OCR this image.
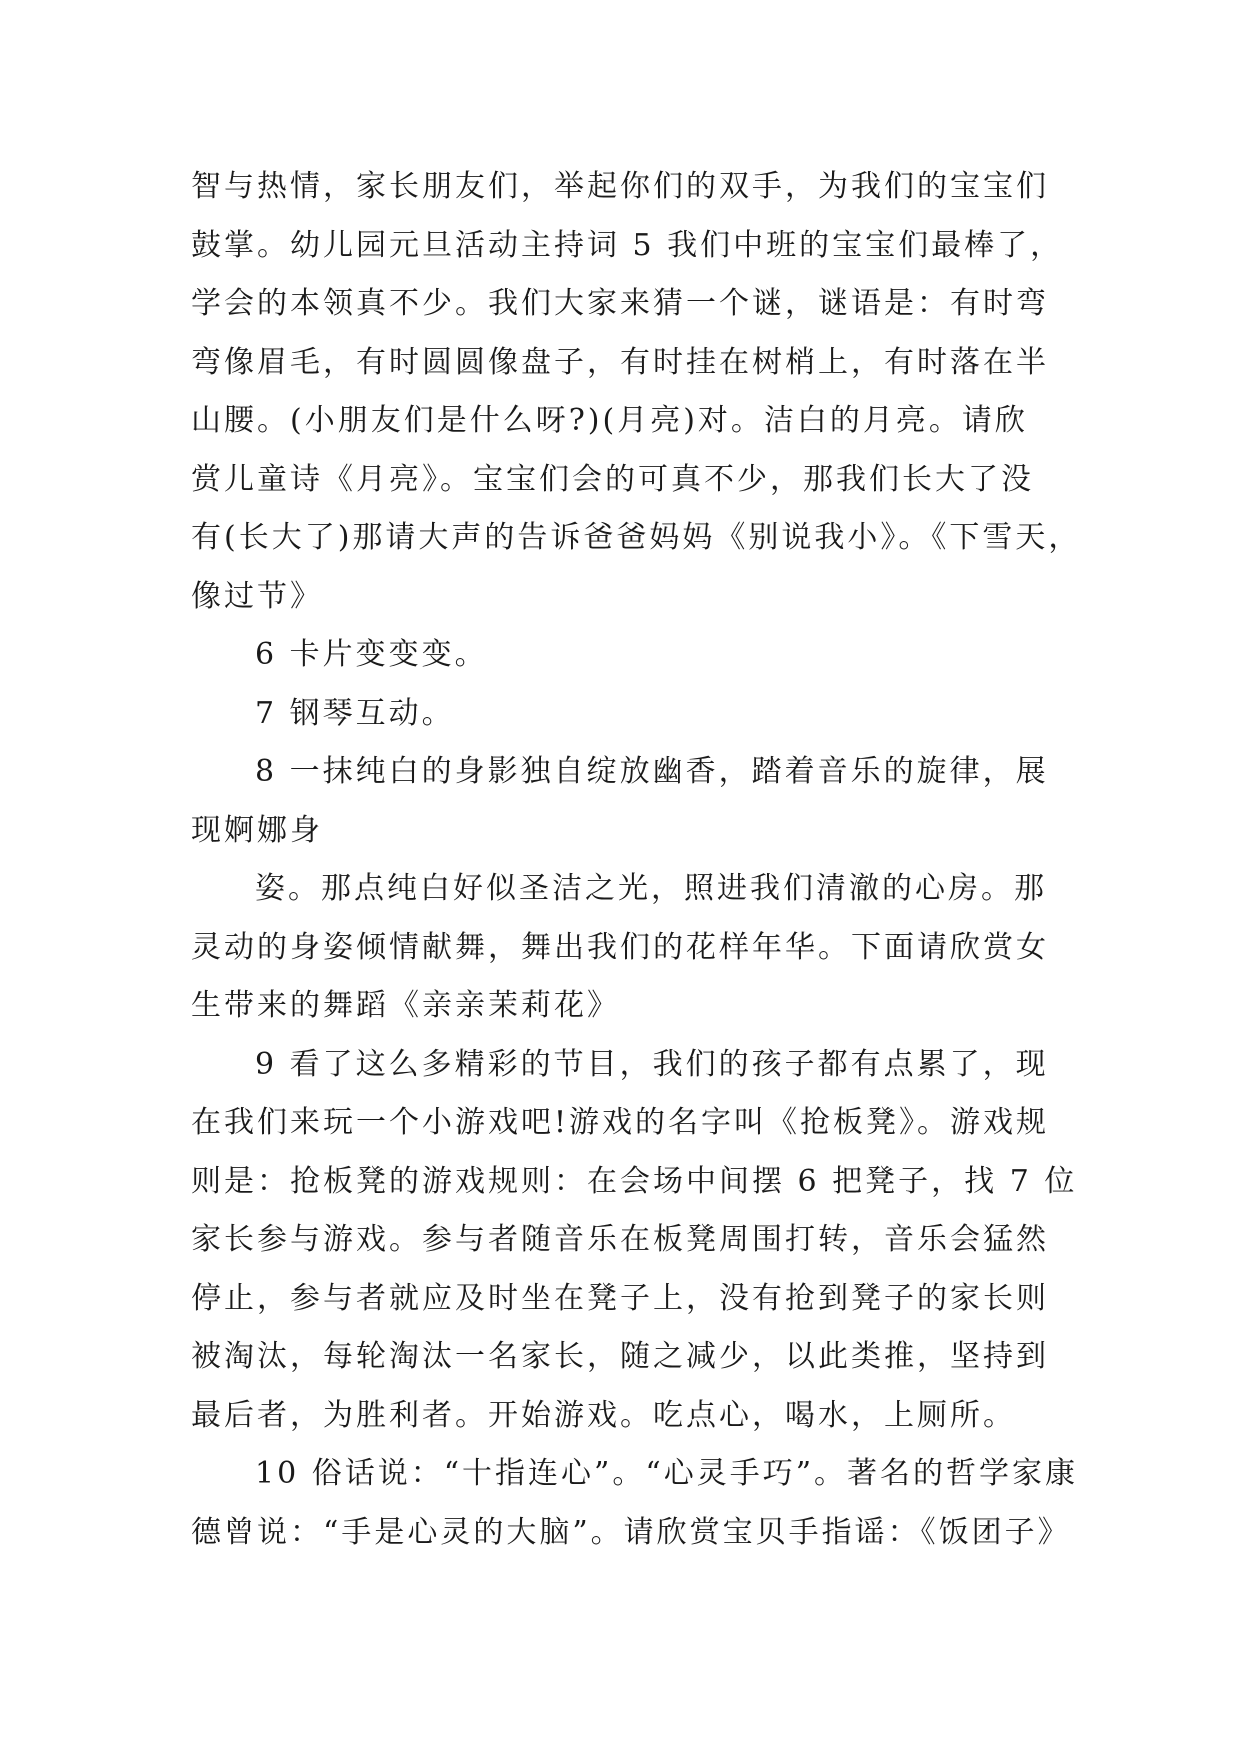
智与热情，家长朋友们，举起你们的双手，为我们的宝宝们
鼓掌。幼儿园元旦活动主持词 5 我们中班的宝宝们最棒了，
学会的本领真不少。我们大家来猜一个谜，谜语是：有时弯
弯像眉毛，有时圆圆像盘子，有时挂在树梢上，有时落在半
山腰。(小朋友们是什么呀?)(月亮)对。洁白的月亮。请欣
赏儿童诗《月亮》。宝宝们会的可真不少，那我们长大了没
有(长大了)那请大声的告诉爸爸妈妈《别说我小》。《下雪天，
像过节》
6 卡片变变变。
7 钢琴互动。
8 一抹纯白的身影独自绽放幽香，踏着音乐的旋律，展
现婀娜身
姿。那点纯白好似圣洁之光，照进我们清澈的心房。那
灵动的身姿倾情献舞，舞出我们的花样年华。下面请欣赏女
生带来的舞蹈《亲亲茉莉花》
9 看了这么多精彩的节目，我们的孩子都有点累了，现
在我们来玩一个小游戏吧!游戏的名字叫《抢板凳》。游戏规
则是：抢板凳的游戏规则：在会场中间摆 6 把凳子，找 7 位
家长参与游戏。参与者随音乐在板凳周围打转，音乐会猛然
停止，参与者就应及时坐在凳子上，没有抢到凳子的家长则
被淘汰，每轮淘汰一名家长，随之减少，以此类推，坚持到
最后者，为胜利者。开始游戏。吃点心，喝水，上厕所。
10 俗话说：“十指连心”。“心灵手巧”。著名的哲学家康
德曾说：“手是心灵的大脑”。请欣赏宝贝手指谣：《饭团子》
